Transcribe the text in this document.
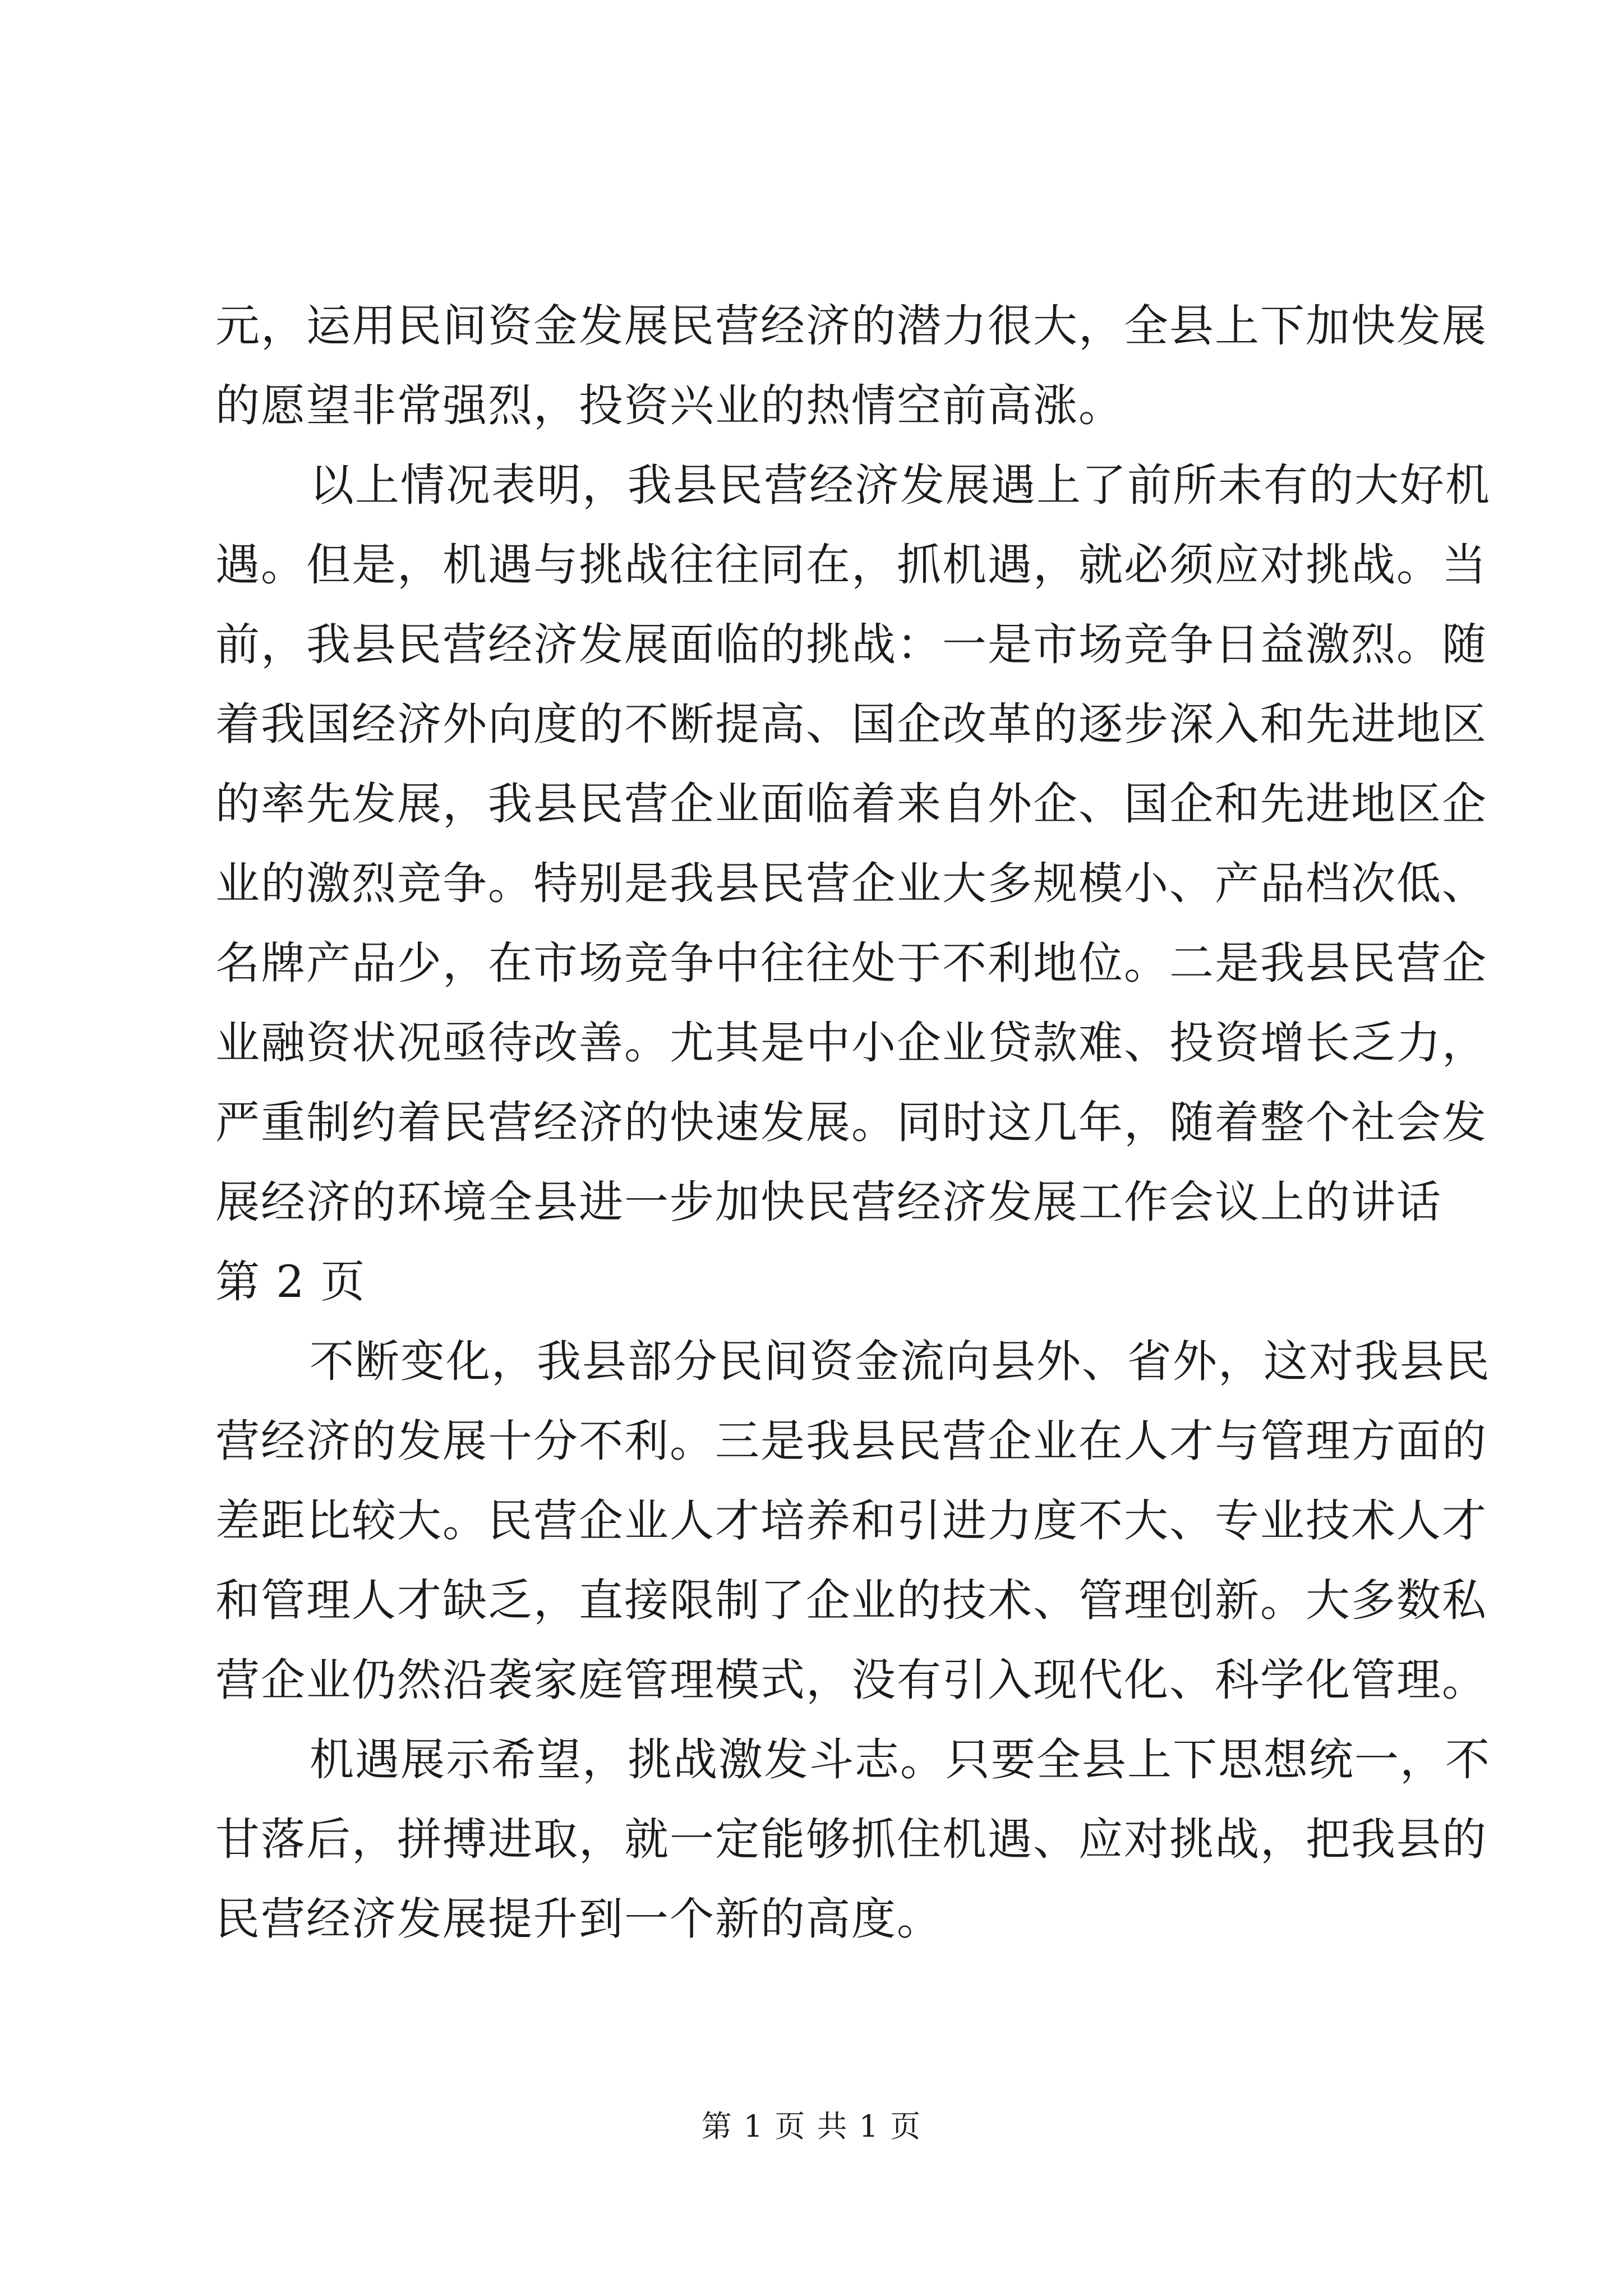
元，运用民间资金发展民营经济的潜力很大，全县上下加快发展
的愿望非常强烈，投资兴业的热情空前高涨。
以上情况表明，我县民营经济发展遇上了前所未有的大好机
遇。但是，机遇与挑战往往同在，抓机遇，就必须应对挑战。当
前，我县民营经济发展面临的挑战：一是市场竞争日益激烈。随
着我国经济外向度的不断提高、国企改革的逐步深入和先进地区
的率先发展，我县民营企业面临着来自外企、国企和先进地区企
业的激烈竞争。特别是我县民营企业大多规模小、产品档次低、
名牌产品少，在市场竞争中往往处于不利地位。二是我县民营企
业融资状况亟待改善。尤其是中小企业贷款难、投资增长乏力，
严重制约着民营经济的快速发展。同时这几年，随着整个社会发
展经济的环境全县进一步加快民营经济发展工作会议上的讲话
第 2 页
不断变化，我县部分民间资金流向县外、省外，这对我县民
营经济的发展十分不利。三是我县民营企业在人才与管理方面的
差距比较大。民营企业人才培养和引进力度不大、专业技术人才
和管理人才缺乏，直接限制了企业的技术、管理创新。大多数私
营企业仍然沿袭家庭管理模式，没有引入现代化、科学化管理。
机遇展示希望，挑战激发斗志。只要全县上下思想统一，不
甘落后，拼搏进取，就一定能够抓住机遇、应对挑战，把我县的
民营经济发展提升到一个新的高度。
第 1 页 共 1 页
